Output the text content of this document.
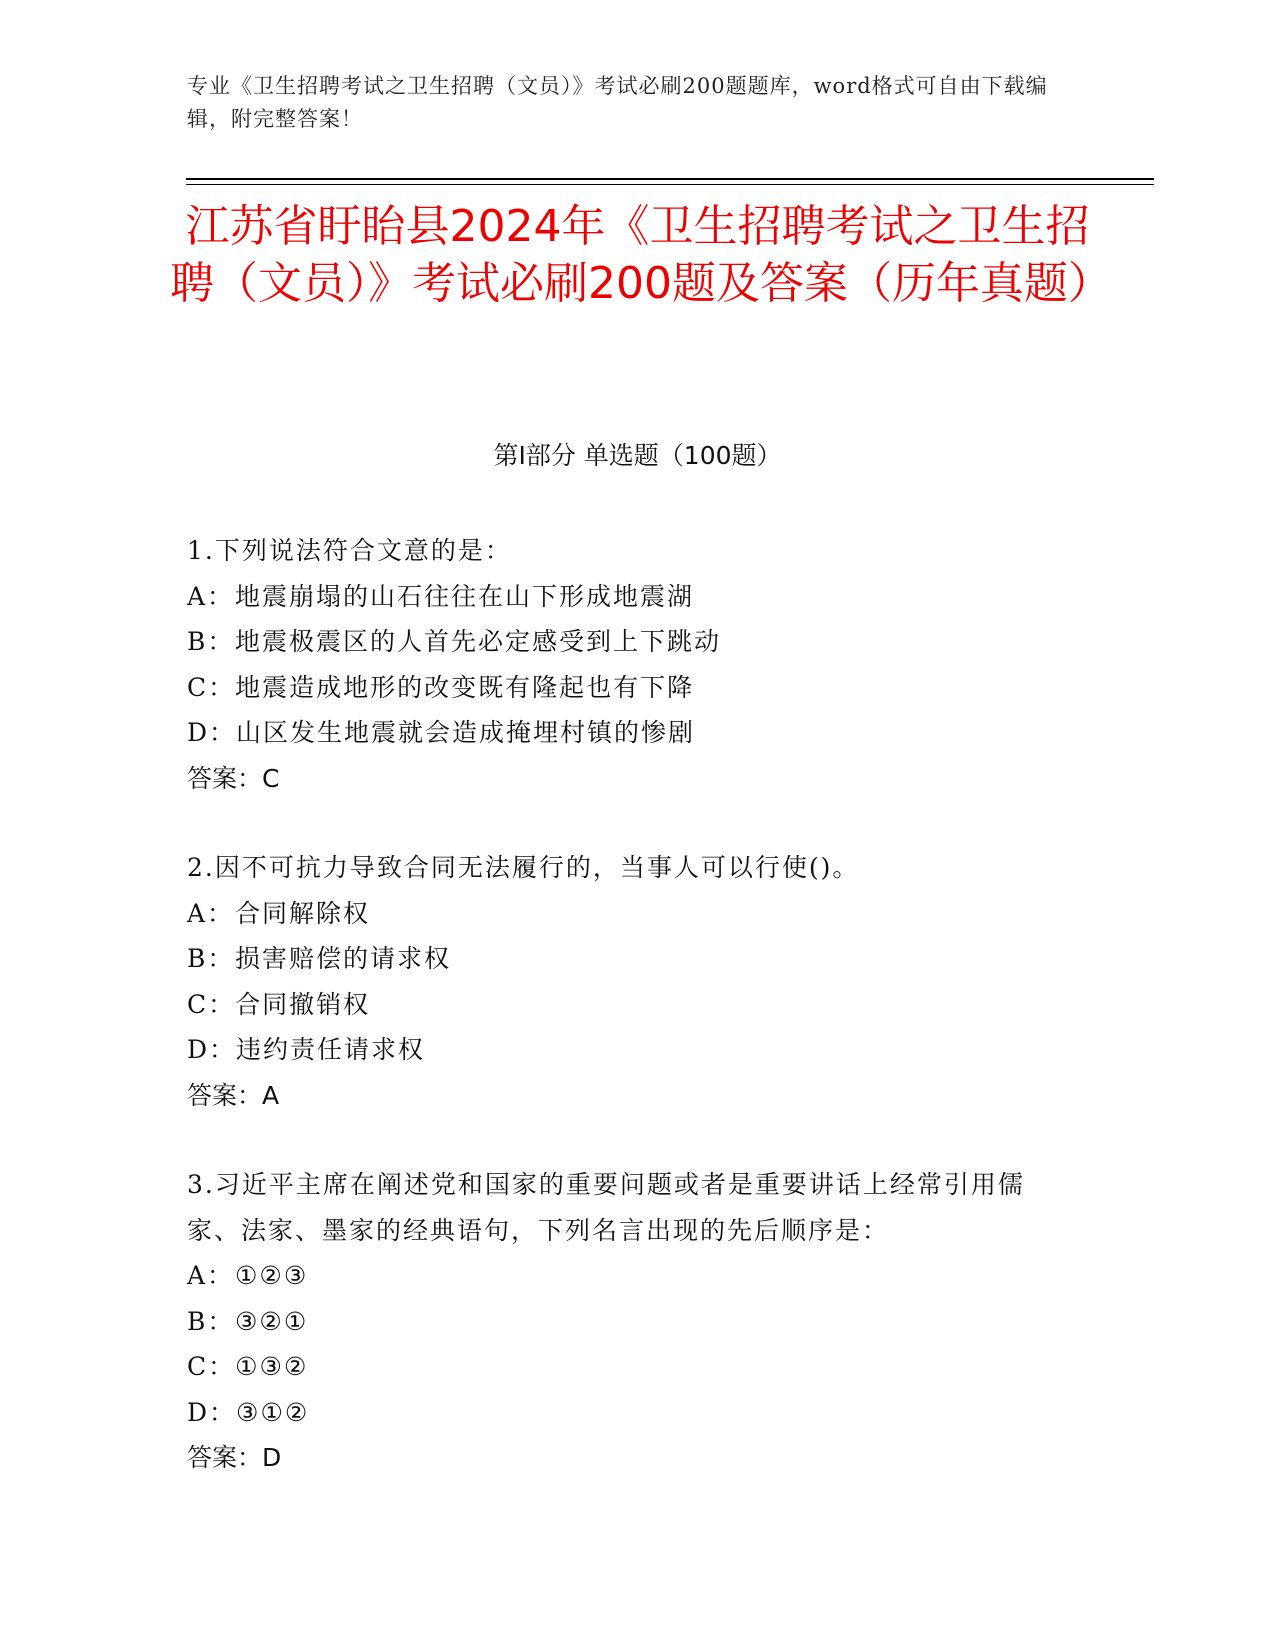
专业《卫生招聘考试之卫生招聘（文员）》考试必刷200题题库，word格式可自由下载编辑，附完整答案！
江苏省盱眙县2024年《卫生招聘考试之卫生招聘（文员）》考试必刷200题及答案（历年真题）
第Ⅰ部分 单选题（100题）
1.下列说法符合文意的是：
A：地震崩塌的山石往往在山下形成地震湖
B：地震极震区的人首先必定感受到上下跳动
C：地震造成地形的改变既有隆起也有下降
D：山区发生地震就会造成掩埋村镇的惨剧
答案：C
2.因不可抗力导致合同无法履行的，当事人可以行使()。
A：合同解除权
B：损害赔偿的请求权
C：合同撤销权
D：违约责任请求权
答案：A
3.习近平主席在阐述党和国家的重要问题或者是重要讲话上经常引用儒家、法家、墨家的经典语句，下列名言出现的先后顺序是：
A：①②③
B：③②①
C：①③②
D：③①②
答案：D
